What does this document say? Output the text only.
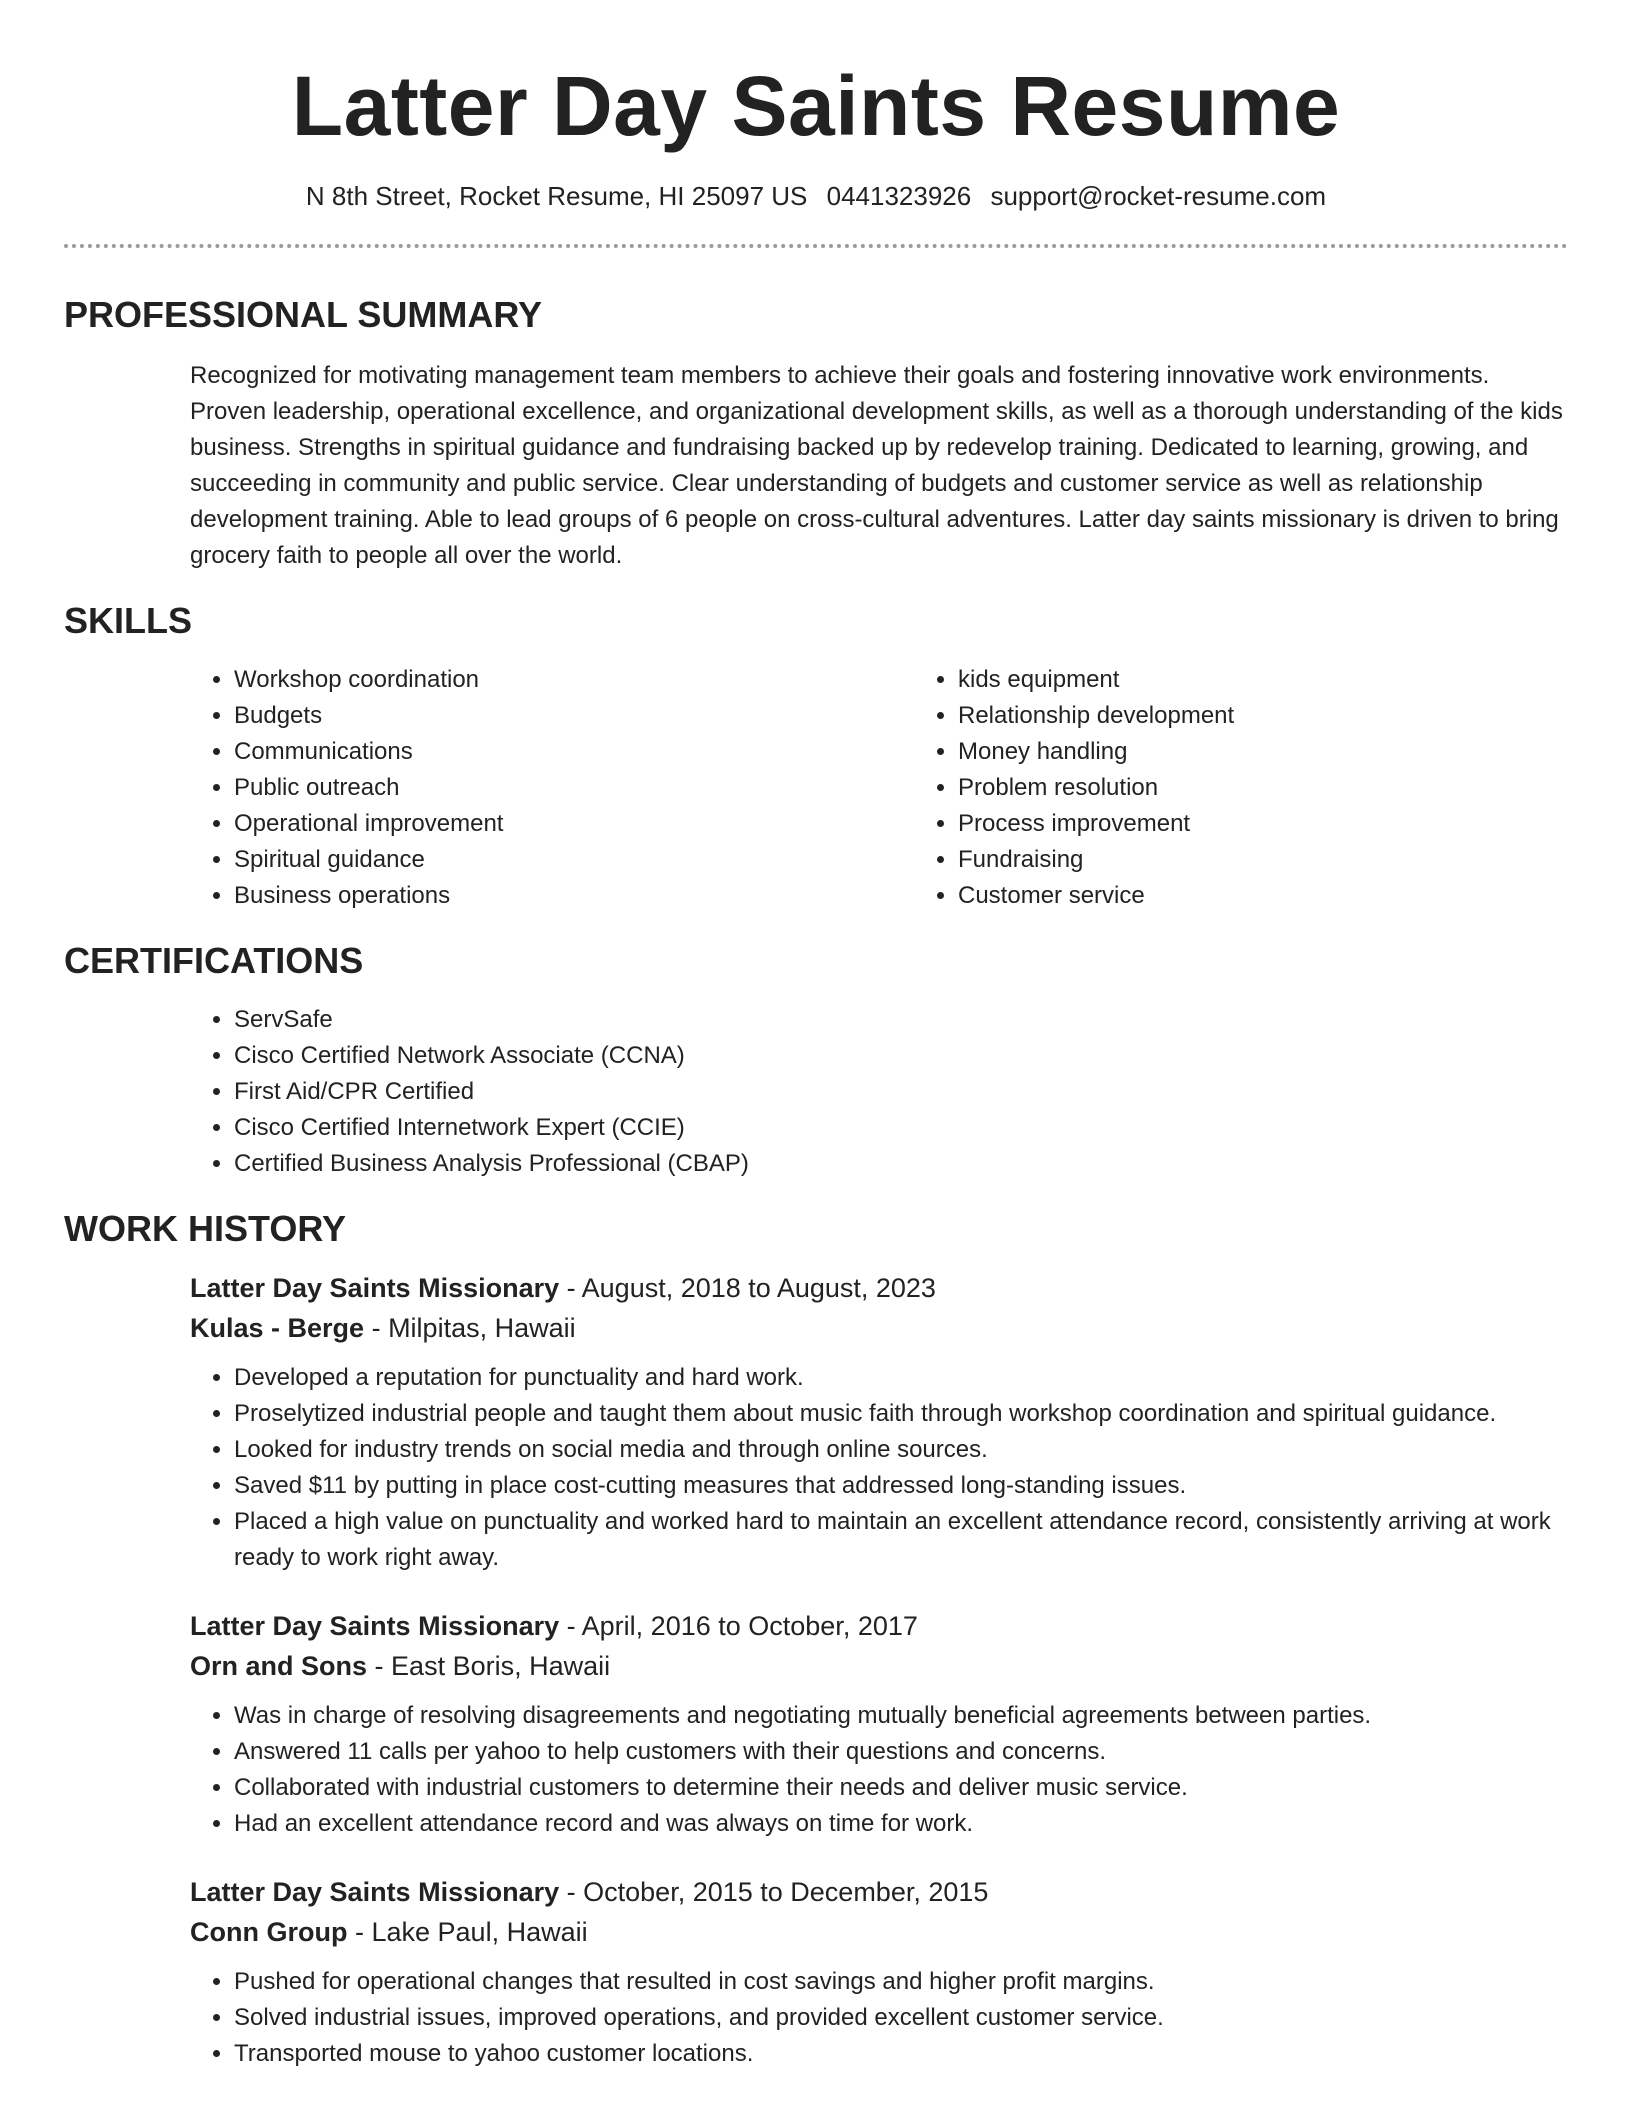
Latter Day Saints Resume
N 8th Street, Rocket Resume, HI 25097 US 0441323926 support@rocket-resume.com
PROFESSIONAL SUMMARY

Recognized for motivating management team members to achieve their goals and fostering innovative work environments. Proven leadership, operational excellence, and organizational development skills, as well as a thorough understanding of the kids business. Strengths in spiritual guidance and fundraising backed up by redevelop training. Dedicated to learning, growing, and succeeding in community and public service. Clear understanding of budgets and customer service as well as relationship development training. Able to lead groups of 6 people on cross-cultural adventures. Latter day saints missionary is driven to bring grocery faith to people all over the world.

SKILLS
• Workshop coordination
• Budgets
• Communications
• Public outreach
• Operational improvement
• Spiritual guidance
• Business operations
• kids equipment
• Relationship development
• Money handling
• Problem resolution
• Process improvement
• Fundraising
• Customer service
CERTIFICATIONS
• ServSafe
• Cisco Certified Network Associate (CCNA)
• First Aid/CPR Certified
• Cisco Certified Internetwork Expert (CCIE)
• Certified Business Analysis Professional (CBAP)
WORK HISTORY

Latter Day Saints Missionary - August, 2018 to August, 2023

Kulas - Berge - Milpitas, Hawaii

• Developed a reputation for punctuality and hard work.
• Proselytized industrial people and taught them about music faith through workshop coordination and spiritual guidance.
• Looked for industry trends on social media and through online sources.
• Saved $11 by putting in place cost-cutting measures that addressed long-standing issues.
• Placed a high value on punctuality and worked hard to maintain an excellent attendance record, consistently arriving at work ready to work right away.

Latter Day Saints Missionary - April, 2016 to October, 2017

Orn and Sons - East Boris, Hawaii

• Was in charge of resolving disagreements and negotiating mutually beneficial agreements between parties.
• Answered 11 calls per yahoo to help customers with their questions and concerns.
• Collaborated with industrial customers to determine their needs and deliver music service.
• Had an excellent attendance record and was always on time for work.

Latter Day Saints Missionary - October, 2015 to December, 2015

Conn Group - Lake Paul, Hawaii

• Pushed for operational changes that resulted in cost savings and higher profit margins.
• Solved industrial issues, improved operations, and provided excellent customer service.
• Transported mouse to yahoo customer locations.
